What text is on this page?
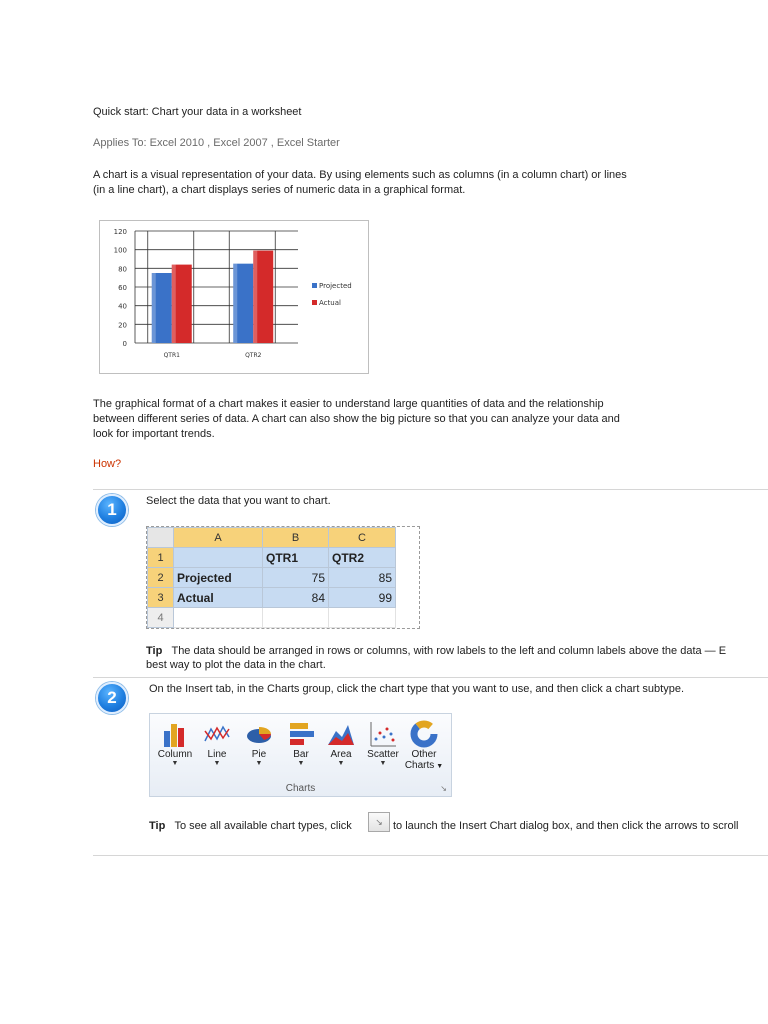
Quick start: Chart your data in a worksheet
Applies To: Excel 2010 , Excel 2007 , Excel Starter
A chart is a visual representation of your data. By using elements such as columns (in a column chart) or lines
(in a line chart), a chart displays series of numeric data in a graphical format.
0
20
40
60
80
100
120
QTR1	QTR2
Projected
Actual
The graphical format of a chart makes it easier to understand large quantities of data and the relationship
between different series of data. A chart can also show the big picture so that you can analyze your data and
look for important trends.
How?
1	Select the data that you want to chart.
	A	B	C
1		QTR1	QTR2
2	Projected	75	85
3	Actual	84	99
4			
Tip The data should be arranged in rows or columns, with row labels to the left and column labels above the data — E
best way to plot the data in the chart.
2	On the Insert tab, in the Charts group, click the chart type that you want to use, and then click a chart subtype.
Column
▼
Line
▼
Pie
▼
Bar
▼
Area
▼
Scatter
▼
Other
Charts ▼
Charts	↘
Tip To see all available chart types, click	↘ to launch the Insert Chart dialog box, and then click the arrows to scroll
